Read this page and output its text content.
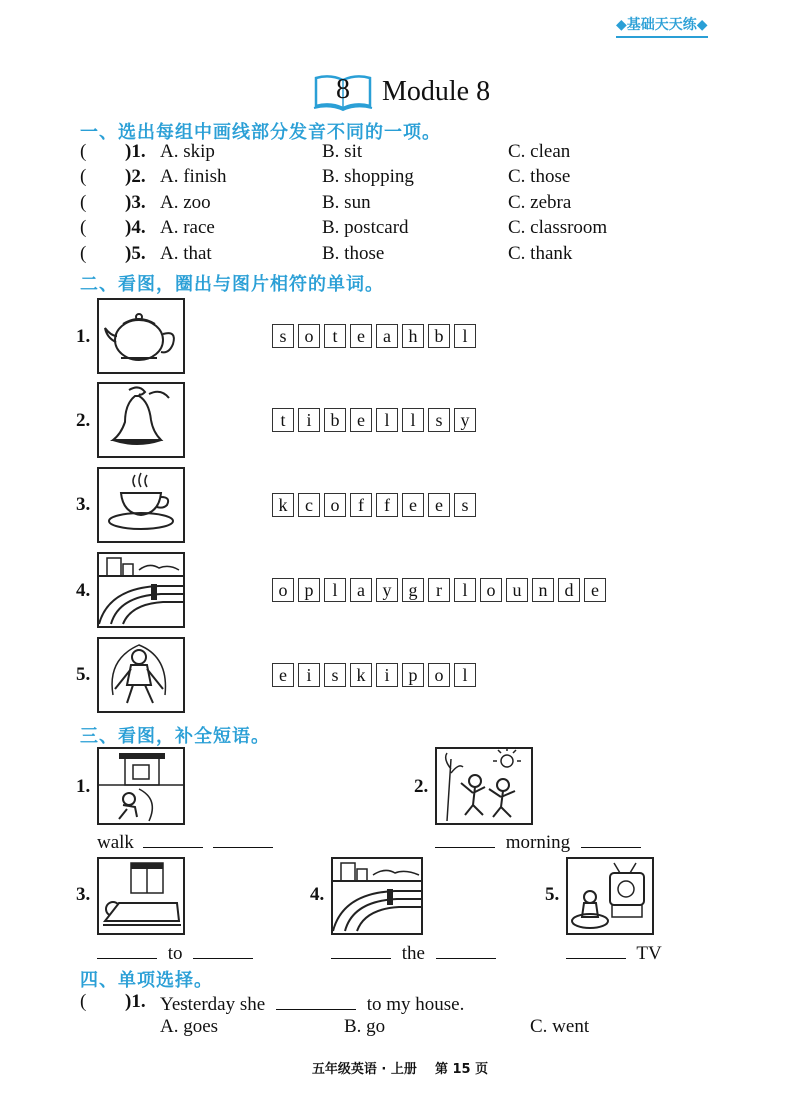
◆基础天天练◆
8 Module 8
一、选出每组中画线部分发音不同的一项。
( )1. A. skip	B. sit	C. clean
( )2. A. finish	B. shopping	C. those
( )3. A. zoo	B. sun	C. zebra
( )4. A. race	B. postcard	C. classroom
( )5. A. that	B. those	C. thank
二、看图，圈出与图片相符的单词。
1.	s	o	t	e	a h b	l
2.	t	i	b e	l	l	s	y
3.	k c o	f	f	e	e	s
4.	o p	l	a y g	r	l	o u n d e
5.	e	i	s	k	i	p o	l
三、看图，补全短语。
1.
walk
2.
morning
3.
to
4.
the
5.
TV
四、单项选择。
( )1. Yesterday she	to my house.
A. goes	B. go	C. went
五年级英语 · 上册    第 15 页
